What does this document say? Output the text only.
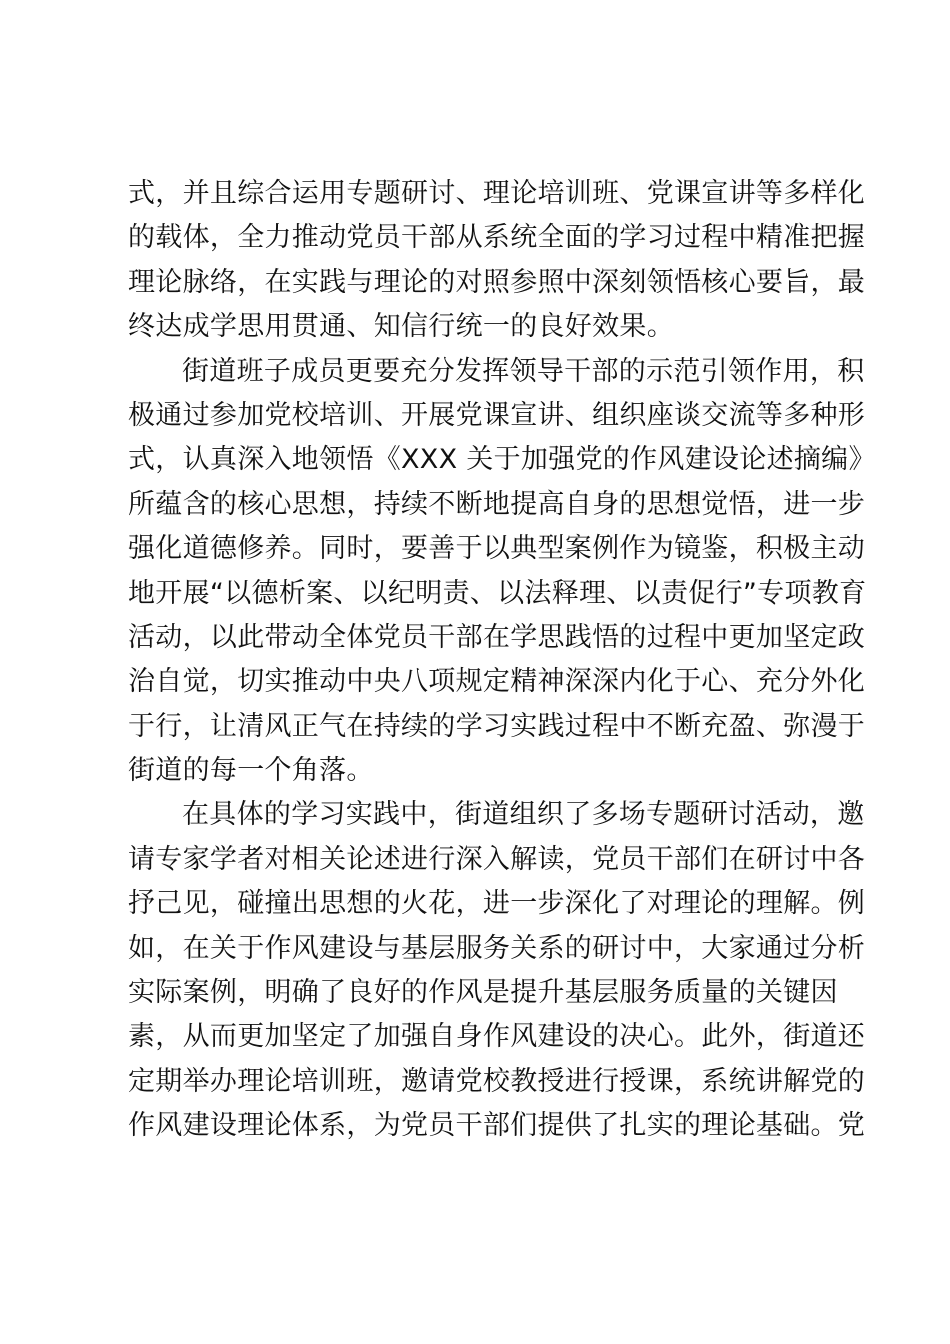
式，并且综合运用专题研讨、理论培训班、党课宣讲等多样化
的载体，全力推动党员干部从系统全面的学习过程中精准把握
理论脉络，在实践与理论的对照参照中深刻领悟核心要旨，最
终达成学思用贯通、知信行统一的良好效果。
街道班子成员更要充分发挥领导干部的示范引领作用，积
极通过参加党校培训、开展党课宣讲、组织座谈交流等多种形
式，认真深入地领悟《XXX 关于加强党的作风建设论述摘编》
所蕴含的核心思想，持续不断地提高自身的思想觉悟，进一步
强化道德修养。同时，要善于以典型案例作为镜鉴，积极主动
地开展“以德析案、以纪明责、以法释理、以责促行”专项教育
活动，以此带动全体党员干部在学思践悟的过程中更加坚定政
治自觉，切实推动中央八项规定精神深深内化于心、充分外化
于行，让清风正气在持续的学习实践过程中不断充盈、弥漫于
街道的每一个角落。
在具体的学习实践中，街道组织了多场专题研讨活动，邀
请专家学者对相关论述进行深入解读，党员干部们在研讨中各
抒己见，碰撞出思想的火花，进一步深化了对理论的理解。例
如，在关于作风建设与基层服务关系的研讨中，大家通过分析
实际案例，明确了良好的作风是提升基层服务质量的关键因
素，从而更加坚定了加强自身作风建设的决心。此外，街道还
定期举办理论培训班，邀请党校教授进行授课，系统讲解党的
作风建设理论体系，为党员干部们提供了扎实的理论基础。党
